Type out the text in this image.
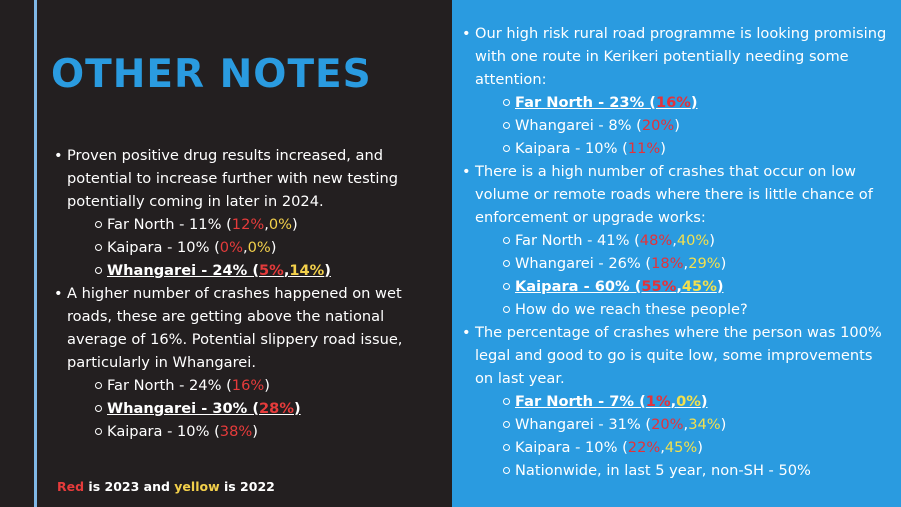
OTHER NOTES
• Proven positive drug results increased, and potential to increase further with new testing potentially coming in later in 2024.
Far North - 11% (12%,0%)
Kaipara - 10% (0%,0%)
Whangarei - 24% (5%,14%)
• A higher number of crashes happened on wet roads, these are getting above the national average of 16%. Potential slippery road issue, particularly in Whangarei.
Far North - 24% (16%)
Whangarei - 30% (28%)
Kaipara - 10% (38%)

Red is 2023 and yellow is 2022

• Our high risk rural road programme is looking promising with one route in Kerikeri potentially needing some attention:
Far North - 23% (16%)
Whangarei - 8% (20%)
Kaipara - 10% (11%)
• There is a high number of crashes that occur on low volume or remote roads where there is little chance of enforcement or upgrade works:
Far North - 41% (48%,40%)
Whangarei - 26% (18%,29%)
Kaipara - 60% (55%,45%)
How do we reach these people?
• The percentage of crashes where the person was 100% legal and good to go is quite low, some improvements on last year.
Far North - 7% (1%,0%)
Whangarei - 31% (20%,34%)
Kaipara - 10% (22%,45%)
Nationwide, in last 5 year, non-SH - 50%
